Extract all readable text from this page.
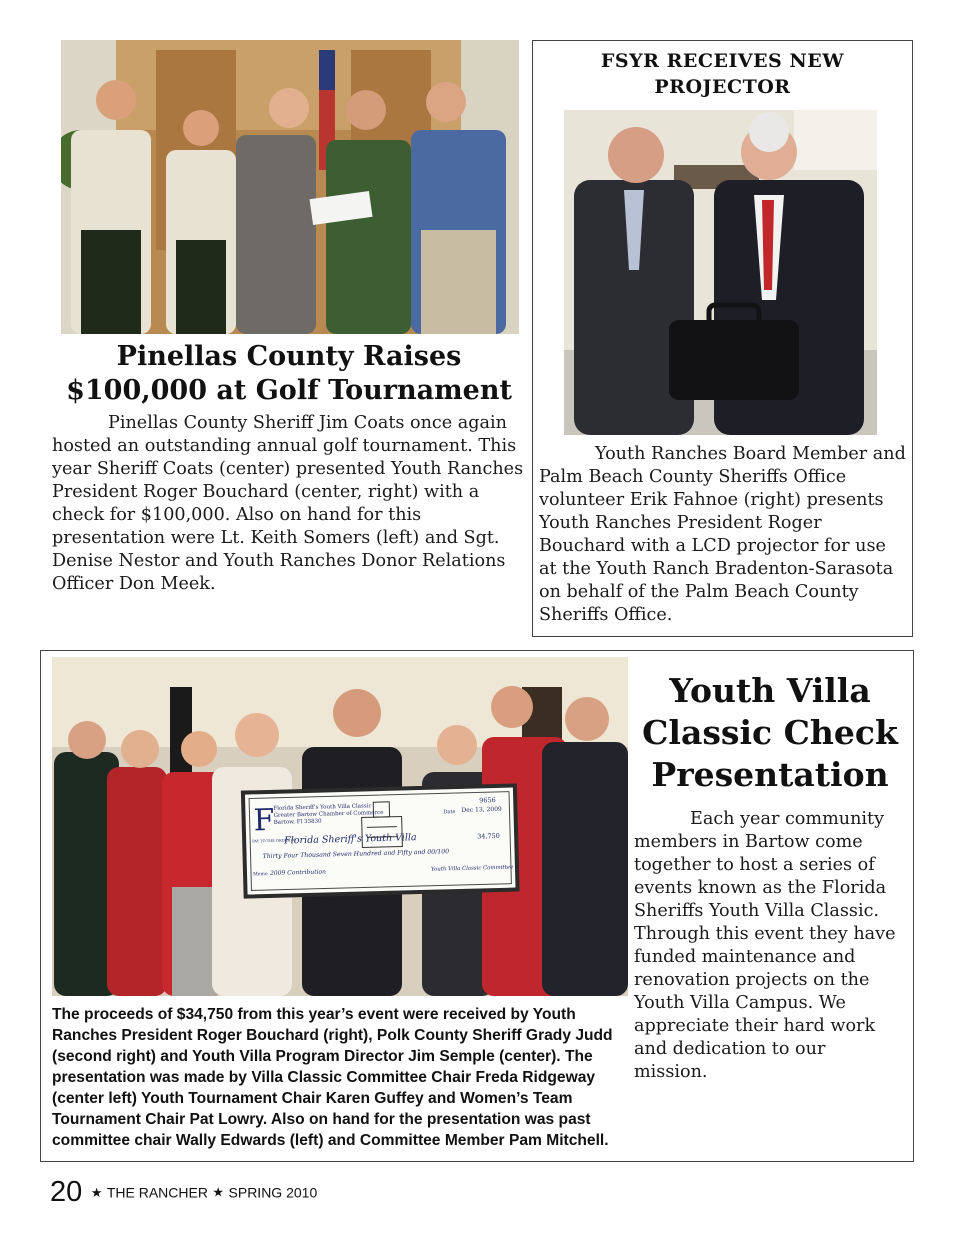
Pinellas County Raises
$100,000 at Golf Tournament
Pinellas County Sheriff Jim Coats once again hosted an outstanding annual golf tournament. This year Sheriff Coats (center) presented Youth Ranches President Roger Bouchard (center, right) with a check for $100,000. Also on hand for this presentation were Lt. Keith Somers (left) and Sgt. Denise Nestor and Youth Ranches Donor Relations Officer Don Meek.
FSYR RECEIVES NEW
PROJECTOR
Youth Ranches Board Member and Palm Beach County Sheriffs Office volunteer Erik Fahnoe (right) presents Youth Ranches President Roger Bouchard with a LCD projector for use at the Youth Ranch Bradenton-Sarasota on behalf of the Palm Beach County Sheriffs Office.
F
Florida Sheriff's Youth Villa Classic
Greater Bartow Chamber of Commerce
Bartow, Fl 33830
9656
Date Dec 13, 2009
PAY TO THE ORDER OF
Florida Sheriff's Youth Villa	34,750
Thirty Four Thousand Seven Hundred and Fifty and 00/100
Memo 2009 Contribution	Youth Villa Classic Committee
The proceeds of $34,750 from this year’s event were received by Youth Ranches President Roger Bouchard (right), Polk County Sheriff Grady Judd (second right) and Youth Villa Program Director Jim Semple (center). The presentation was made by Villa Classic Committee Chair Freda Ridgeway (center left) Youth Tournament Chair Karen Guffey and Women’s Team Tournament Chair Pat Lowry. Also on hand for the presentation was past committee chair Wally Edwards (left) and Committee Member Pam Mitchell.
Youth Villa
Classic Check
Presentation
Each year community members in Bartow come together to host a series of events known as the Florida Sheriffs Youth Villa Classic. Through this event they have funded maintenance and renovation projects on the Youth Villa Campus. We appreciate their hard work and dedication to our mission.
20 ★ THE RANCHER ★ SPRING 2010
